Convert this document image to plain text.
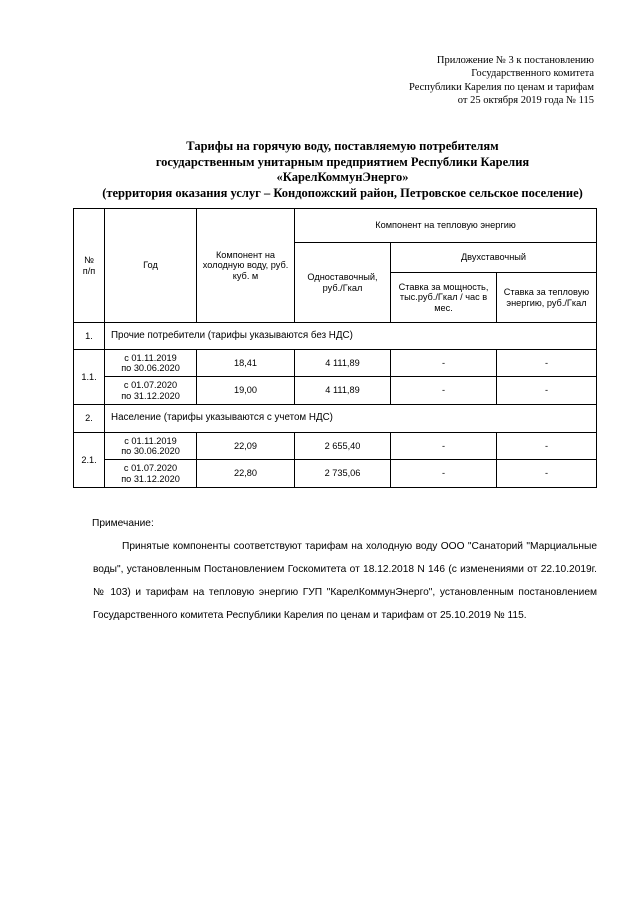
Приложение № 3 к постановлению
Государственного комитета
Республики Карелия по ценам и тарифам
от 25 октября 2019 года № 115
Тарифы на горячую воду, поставляемую потребителям
государственным унитарным предприятием Республики Карелия
«КарелКоммунЭнерго»
(территория оказания услуг – Кондопожский район, Петровское сельское поселение)
№
п/п	Год	Компонент на холодную воду, руб. куб. м	Компонент на тепловую энергию		
			Одноставочный, руб./Гкал	Двухставочный	
				Ставка за мощность, тыс.руб./Гкал / час в мес.	Ставка за тепловую энергию, руб./Гкал
1.	Прочие потребители (тарифы указываются без НДС)				
1.1.	с 01.11.2019
по 30.06.2020	18,41	4 111,89	-	-
	с 01.07.2020
по 31.12.2020	19,00	4 111,89	-	-
2.	Население (тарифы указываются с учетом НДС)				
2.1.	с 01.11.2019
по 30.06.2020	22,09	2 655,40	-	-
	с 01.07.2020
по 31.12.2020	22,80	2 735,06	-	-
Примечание:
Принятые компоненты соответствуют тарифам на холодную воду ООО "Санаторий "Марциальные воды", установленным Постановлением Госкомитета от 18.12.2018 N 146 (с изменениями от 22.10.2019г. № 103) и тарифам на тепловую энергию ГУП "КарелКоммунЭнерго", установленным постановлением Государственного комитета Республики Карелия по ценам и тарифам от 25.10.2019 № 115.
